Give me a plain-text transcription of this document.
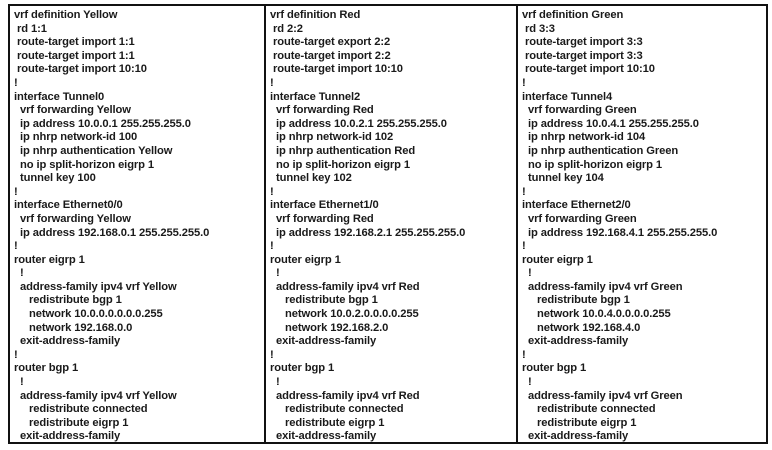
vrf definition Yellow
rd 1:1
route-target import 1:1
route-target import 1:1
route-target import 10:10
!
interface Tunnel0
vrf forwarding Yellow
ip address 10.0.0.1 255.255.255.0
ip nhrp network-id 100
ip nhrp authentication Yellow
no ip split-horizon eigrp 1
tunnel key 100
!
interface Ethernet0/0
vrf forwarding Yellow
ip address 192.168.0.1 255.255.255.0
!
router eigrp 1
!
address-family ipv4 vrf Yellow
redistribute bgp 1
network 10.0.0.0.0.0.0.255
network 192.168.0.0
exit-address-family
!
router bgp 1
!
address-family ipv4 vrf Yellow
redistribute connected
redistribute eigrp 1
exit-address-family
vrf definition Red
rd 2:2
route-target export 2:2
route-target import 2:2
route-target import 10:10
!
interface Tunnel2
vrf forwarding Red
ip address 10.0.2.1 255.255.255.0
ip nhrp network-id 102
ip nhrp authentication Red
no ip split-horizon eigrp 1
tunnel key 102
!
interface Ethernet1/0
vrf forwarding Red
ip address 192.168.2.1 255.255.255.0
!
router eigrp 1
!
address-family ipv4 vrf Red
redistribute bgp 1
network 10.0.2.0.0.0.0.255
network 192.168.2.0
exit-address-family
!
router bgp 1
!
address-family ipv4 vrf Red
redistribute connected
redistribute eigrp 1
exit-address-family
vrf definition Green
rd 3:3
route-target import 3:3
route-target import 3:3
route-target import 10:10
!
interface Tunnel4
vrf forwarding Green
ip address 10.0.4.1 255.255.255.0
ip nhrp network-id 104
ip nhrp authentication Green
no ip split-horizon eigrp 1
tunnel key 104
!
interface Ethernet2/0
vrf forwarding Green
ip address 192.168.4.1 255.255.255.0
!
router eigrp 1
!
address-family ipv4 vrf Green
redistribute bgp 1
network 10.0.4.0.0.0.0.255
network 192.168.4.0
exit-address-family
!
router bgp 1
!
address-family ipv4 vrf Green
redistribute connected
redistribute eigrp 1
exit-address-family
